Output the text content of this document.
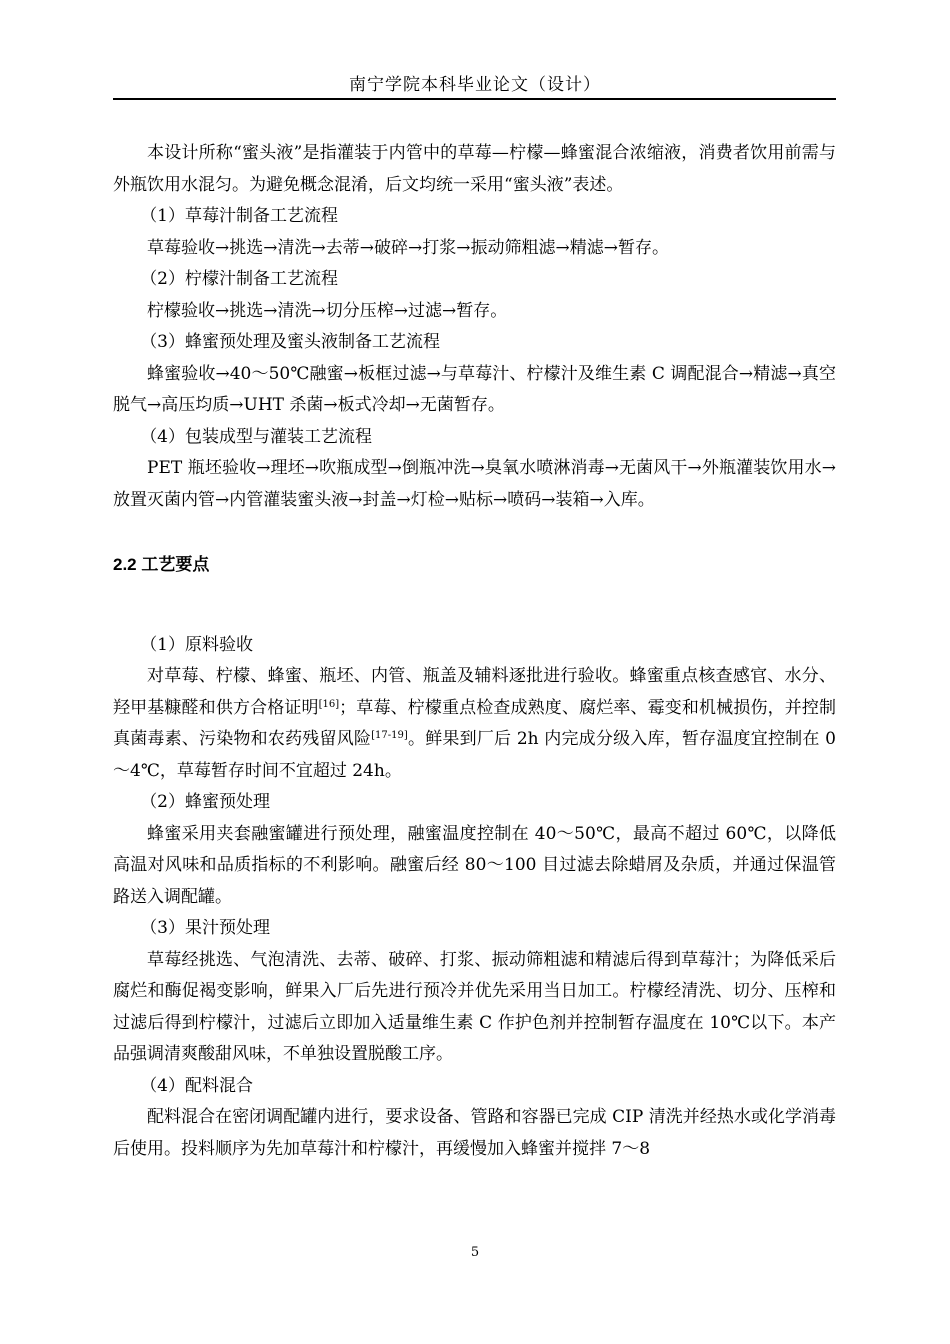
南宁学院本科毕业论文（设计）

本设计所称“蜜头液”是指灌装于内管中的草莓—柠檬—蜂蜜混合浓缩液，消费者饮用前需与外瓶饮用水混匀。为避免概念混淆，后文均统一采用“蜜头液”表述。

（1）草莓汁制备工艺流程

草莓验收→挑选→清洗→去蒂→破碎→打浆→振动筛粗滤→精滤→暂存。

（2）柠檬汁制备工艺流程

柠檬验收→挑选→清洗→切分压榨→过滤→暂存。

（3）蜂蜜预处理及蜜头液制备工艺流程

蜂蜜验收→40～50℃融蜜→板框过滤→与草莓汁、柠檬汁及维生素 C 调配混合→精滤→真空脱气→高压均质→UHT 杀菌→板式冷却→无菌暂存。

（4）包装成型与灌装工艺流程

PET 瓶坯验收→理坯→吹瓶成型→倒瓶冲洗→臭氧水喷淋消毒→无菌风干→外瓶灌装饮用水→放置灭菌内管→内管灌装蜜头液→封盖→灯检→贴标→喷码→装箱→入库。

2.2 工艺要点

（1）原料验收

对草莓、柠檬、蜂蜜、瓶坯、内管、瓶盖及辅料逐批进行验收。蜂蜜重点核查感官、水分、羟甲基糠醛和供方合格证明[16]；草莓、柠檬重点检查成熟度、腐烂率、霉变和机械损伤，并控制真菌毒素、污染物和农药残留风险[17-19]。鲜果到厂后 2h 内完成分级入库，暂存温度宜控制在 0～4℃，草莓暂存时间不宜超过 24h。

（2）蜂蜜预处理

蜂蜜采用夹套融蜜罐进行预处理，融蜜温度控制在 40～50℃，最高不超过 60℃，以降低高温对风味和品质指标的不利影响。融蜜后经 80～100 目过滤去除蜡屑及杂质，并通过保温管路送入调配罐。

（3）果汁预处理

草莓经挑选、气泡清洗、去蒂、破碎、打浆、振动筛粗滤和精滤后得到草莓汁；为降低采后腐烂和酶促褐变影响，鲜果入厂后先进行预冷并优先采用当日加工。柠檬经清洗、切分、压榨和过滤后得到柠檬汁，过滤后立即加入适量维生素 C 作护色剂并控制暂存温度在 10℃以下。本产品强调清爽酸甜风味，不单独设置脱酸工序。

（4）配料混合

配料混合在密闭调配罐内进行，要求设备、管路和容器已完成 CIP 清洗并经热水或化学消毒后使用。投料顺序为先加草莓汁和柠檬汁，再缓慢加入蜂蜜并搅拌 7～8

5
